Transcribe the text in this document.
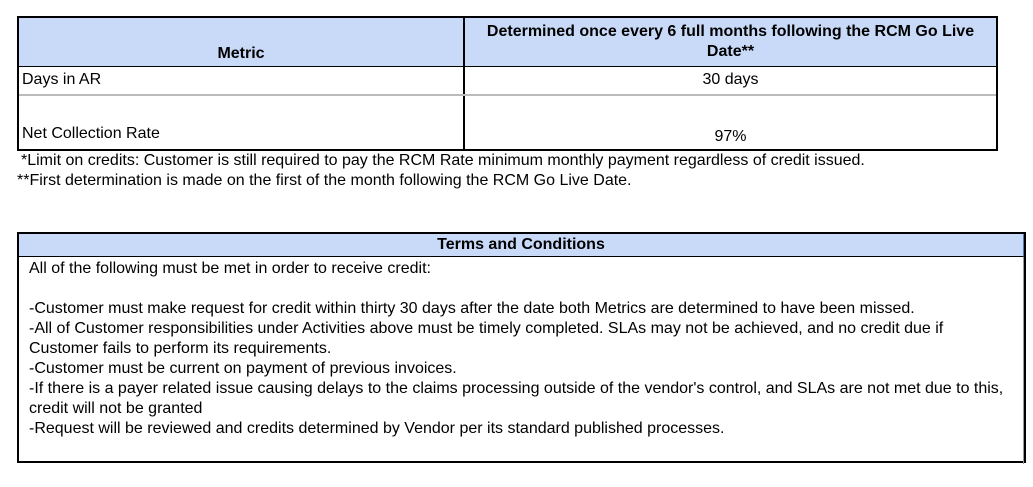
Metric
Determined once every 6 full months following the RCM Go Live Date**
Days in AR	30 days
Net Collection Rate	97%

*Limit on credits: Customer is still required to pay the RCM Rate minimum monthly payment regardless of credit issued.

**First determination is made on the first of the month following the RCM Go Live Date.

Terms and Conditions

All of the following must be met in order to receive credit:

-Customer must make request for credit within thirty 30 days after the date both Metrics are determined to have been missed.

-All of Customer responsibilities under Activities above must be timely completed. SLAs may not be achieved, and no credit due if Customer fails to perform its requirements.

-Customer must be current on payment of previous invoices.

-If there is a payer related issue causing delays to the claims processing outside of the vendor's control, and SLAs are not met due to this, credit will not be granted

-Request will be reviewed and credits determined by Vendor per its standard published processes.
